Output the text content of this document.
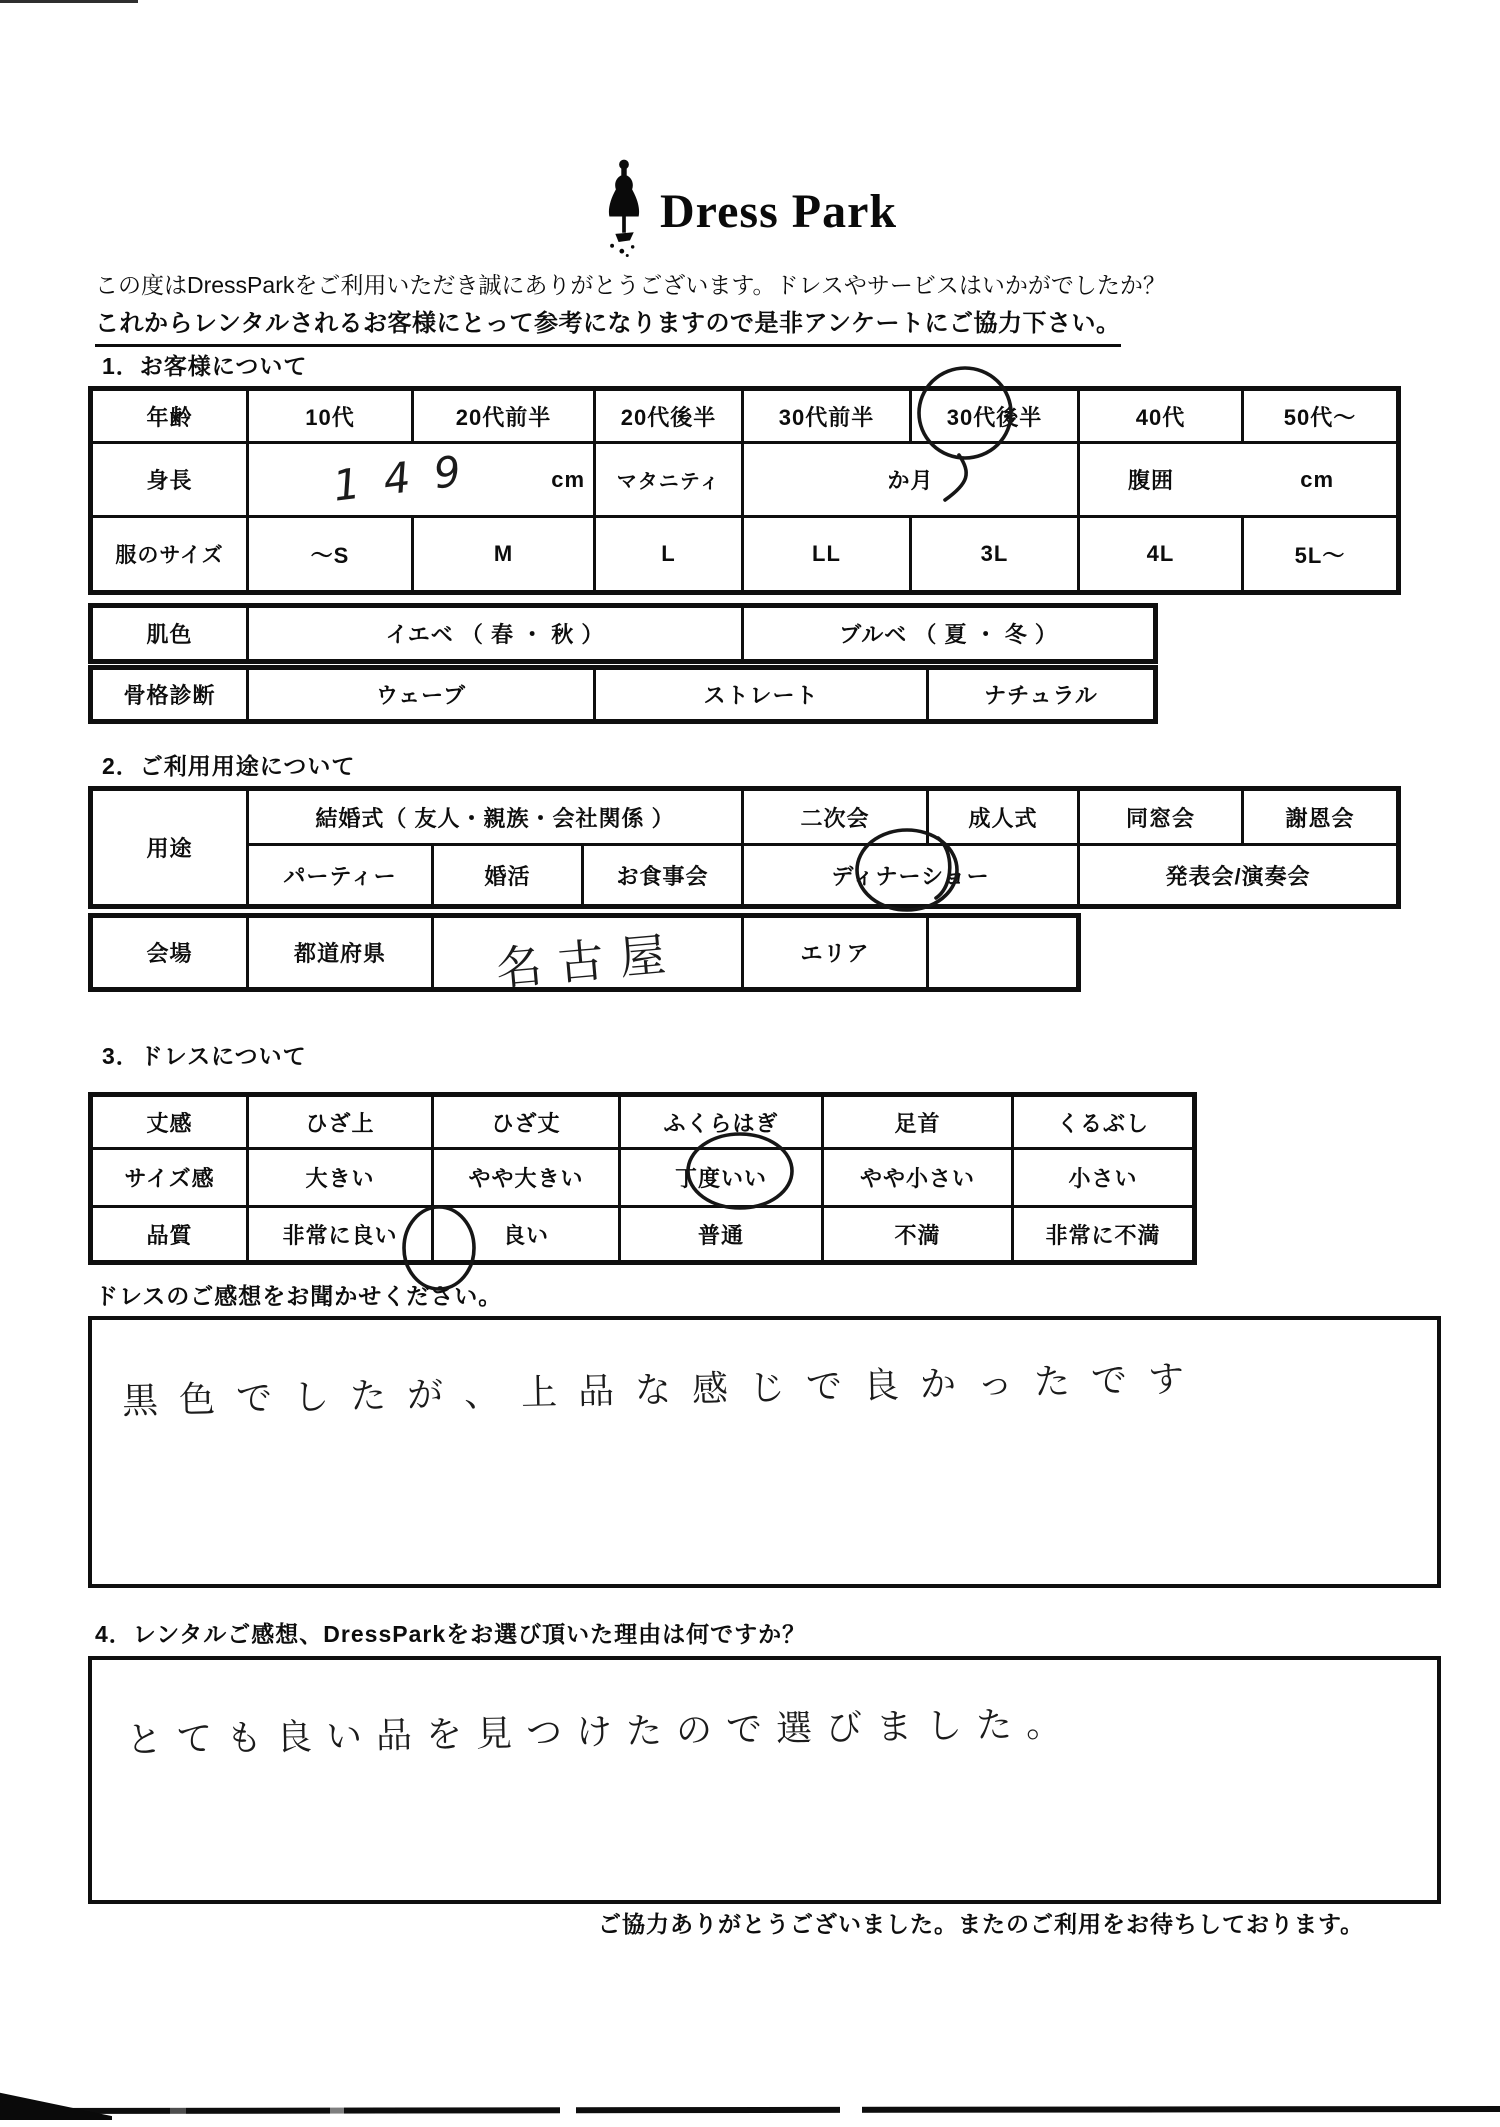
Dress Park
この度はDressParkをご利用いただき誠にありがとうございます。ドレスやサービスはいかがでしたか？
これからレンタルされるお客様にとって参考になりますので是非アンケートにご協力下さい。
1．お客様について
年齢	10代	20代前半	20代後半	30代前半	30代後半	40代	50代～
身長	149 cm		マタニティ	か月		腹囲 cm	

服のサイズ	～S	M	L	LL	3L	4L	5L～
肌色	イエベ （ 春 ・ 秋 ）	ブルベ （ 夏 ・ 冬 ）
骨格診断	ウェーブ	ストレート	ナチュラル
2．ご利用用途について
用途	結婚式（ 友人・親族・会社関係 ）			二次会	成人式	同窓会	謝恩会
	パーティー	婚活	お食事会	ディナーショー		発表会/演奏会	
会場	都道府県	名古屋	エリア	
3．ドレスについて
丈感	ひざ上	ひざ丈	ふくらはぎ	足首	くるぶし
サイズ感	大きい	やや大きい	丁度いい	やや小さい	小さい
品質	非常に良い	良い	普通	不満	非常に不満
ドレスのご感想をお聞かせください。
黒色でしたが、上品な感じで良かったです
4．レンタルご感想、DressParkをお選び頂いた理由は何ですか？
とても良い品を見つけたので選びました。
ご協力ありがとうございました。またのご利用をお待ちしております。
